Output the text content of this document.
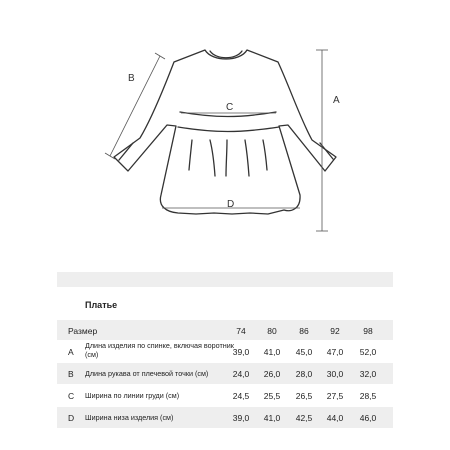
A
B
C
D
Платье
Размер	74	80	86	92	98
A
Длина изделия по спинке, включая воротник (см)	39,0	41,0	45,0	47,0	52,0
B Длина рукава от плечевой точки (см)	24,0	26,0	28,0	30,0	32,0
C Ширина по линии груди (см)	24,5	25,5	26,5	27,5	28,5
D Ширина низа изделия (см)	39,0	41,0	42,5	44,0	46,0
